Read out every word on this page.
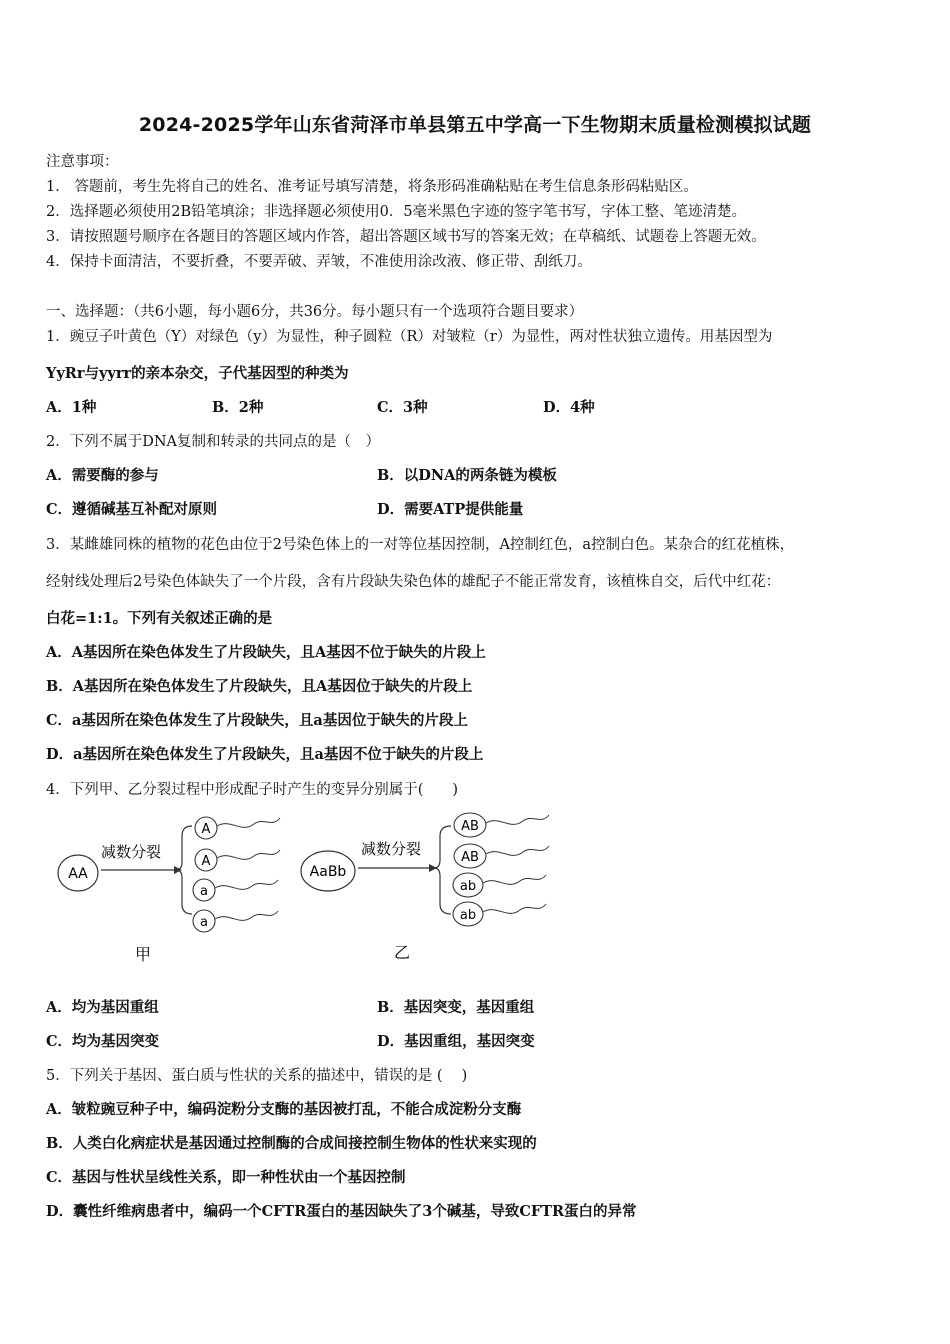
2024-2025学年山东省菏泽市单县第五中学高一下生物期末质量检测模拟试题
注意事项：
1． 答题前，考生先将自己的姓名、准考证号填写清楚，将条形码准确粘贴在考生信息条形码粘贴区。
2．选择题必须使用2B铅笔填涂；非选择题必须使用0．5毫米黑色字迹的签字笔书写，字体工整、笔迹清楚。
3．请按照题号顺序在各题目的答题区域内作答，超出答题区域书写的答案无效；在草稿纸、试题卷上答题无效。
4．保持卡面清洁，不要折叠，不要弄破、弄皱，不准使用涂改液、修正带、刮纸刀。
一、选择题：（共6小题，每小题6分，共36分。每小题只有一个选项符合题目要求）
1．豌豆子叶黄色（Y）对绿色（y）为显性，种子圆粒（R）对皱粒（r）为显性，两对性状独立遗传。用基因型为
YyRr与yyrr的亲本杂交，子代基因型的种类为
A．1种	B．2种	C．3种	D．4种
2．下列不属于DNA复制和转录的共同点的是（　）
A．需要酶的参与	B．以DNA的两条链为模板
C．遵循碱基互补配对原则	D．需要ATP提供能量
3．某雌雄同株的植物的花色由位于2号染色体上的一对等位基因控制，A控制红色，a控制白色。某杂合的红花植株，
经射线处理后2号染色体缺失了一个片段，含有片段缺失染色体的雄配子不能正常发育，该植株自交，后代中红花：
白花=1:1。下列有关叙述正确的是
A．A基因所在染色体发生了片段缺失，且A基因不位于缺失的片段上
B．A基因所在染色体发生了片段缺失，且A基因位于缺失的片段上
C．a基因所在染色体发生了片段缺失，且a基因位于缺失的片段上
D．a基因所在染色体发生了片段缺失，且a基因不位于缺失的片段上
4．下列甲、乙分裂过程中形成配子时产生的变异分别属于(　　)
AA
减数分裂
A
A
a
a
甲
AaBb
减数分裂
AB
AB
ab
ab
乙
A．均为基因重组	B．基因突变，基因重组
C．均为基因突变	D．基因重组，基因突变
5．下列关于基因、蛋白质与性状的关系的描述中，错误的是 (　 )
A．皱粒豌豆种子中，编码淀粉分支酶的基因被打乱，不能合成淀粉分支酶
B．人类白化病症状是基因通过控制酶的合成间接控制生物体的性状来实现的
C．基因与性状呈线性关系，即一种性状由一个基因控制
D．囊性纤维病患者中，编码一个CFTR蛋白的基因缺失了3个碱基，导致CFTR蛋白的异常
